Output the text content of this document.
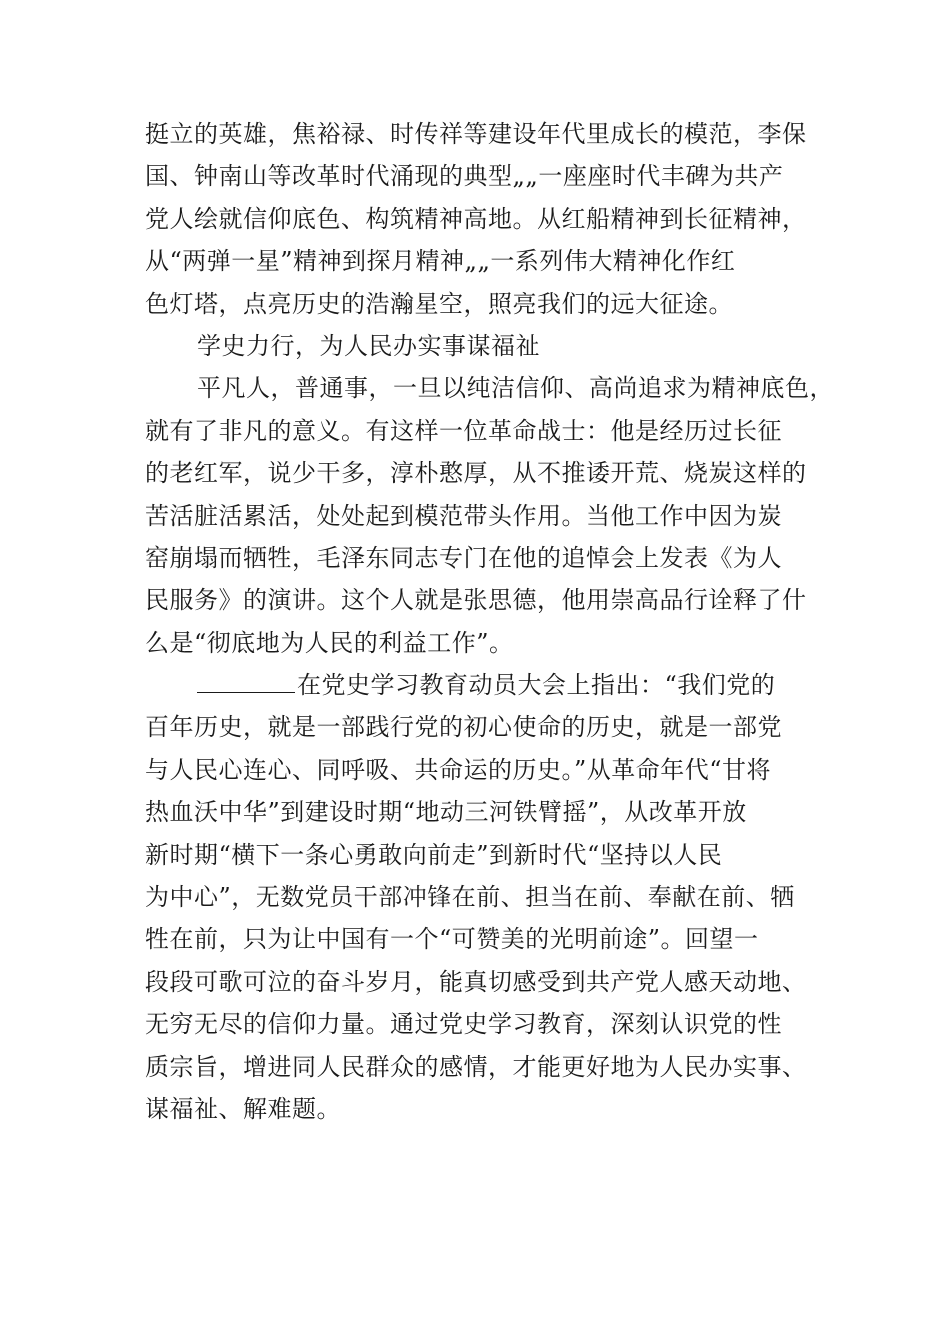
挺立的英雄，焦裕禄、时传祥等建设年代里成长的模范，李保
国、钟南山等改革时代涌现的典型„„一座座时代丰碑为共产
党人绘就信仰底色、构筑精神高地。从红船精神到长征精神，
从“两弹一星”精神到探月精神„„一系列伟大精神化作红
色灯塔，点亮历史的浩瀚星空，照亮我们的远大征途。
学史力行，为人民办实事谋福祉
平凡人，普通事，一旦以纯洁信仰、高尚追求为精神底色，
就有了非凡的意义。有这样一位革命战士：他是经历过长征
的老红军，说少干多，淳朴憨厚，从不推诿开荒、烧炭这样的
苦活脏活累活，处处起到模范带头作用。当他工作中因为炭
窑崩塌而牺牲，毛泽东同志专门在他的追悼会上发表《为人
民服务》的演讲。这个人就是张思德，他用崇高品行诠释了什
么是“彻底地为人民的利益工作”。
在党史学习教育动员大会上指出：“我们党的
百年历史，就是一部践行党的初心使命的历史，就是一部党
与人民心连心、同呼吸、共命运的历史。”从革命年代“甘将
热血沃中华”到建设时期“地动三河铁臂摇”，从改革开放
新时期“横下一条心勇敢向前走”到新时代“坚持以人民
为中心”，无数党员干部冲锋在前、担当在前、奉献在前、牺
牲在前，只为让中国有一个“可赞美的光明前途”。回望一
段段可歌可泣的奋斗岁月，能真切感受到共产党人感天动地、
无穷无尽的信仰力量。通过党史学习教育，深刻认识党的性
质宗旨，增进同人民群众的感情，才能更好地为人民办实事、
谋福祉、解难题。
